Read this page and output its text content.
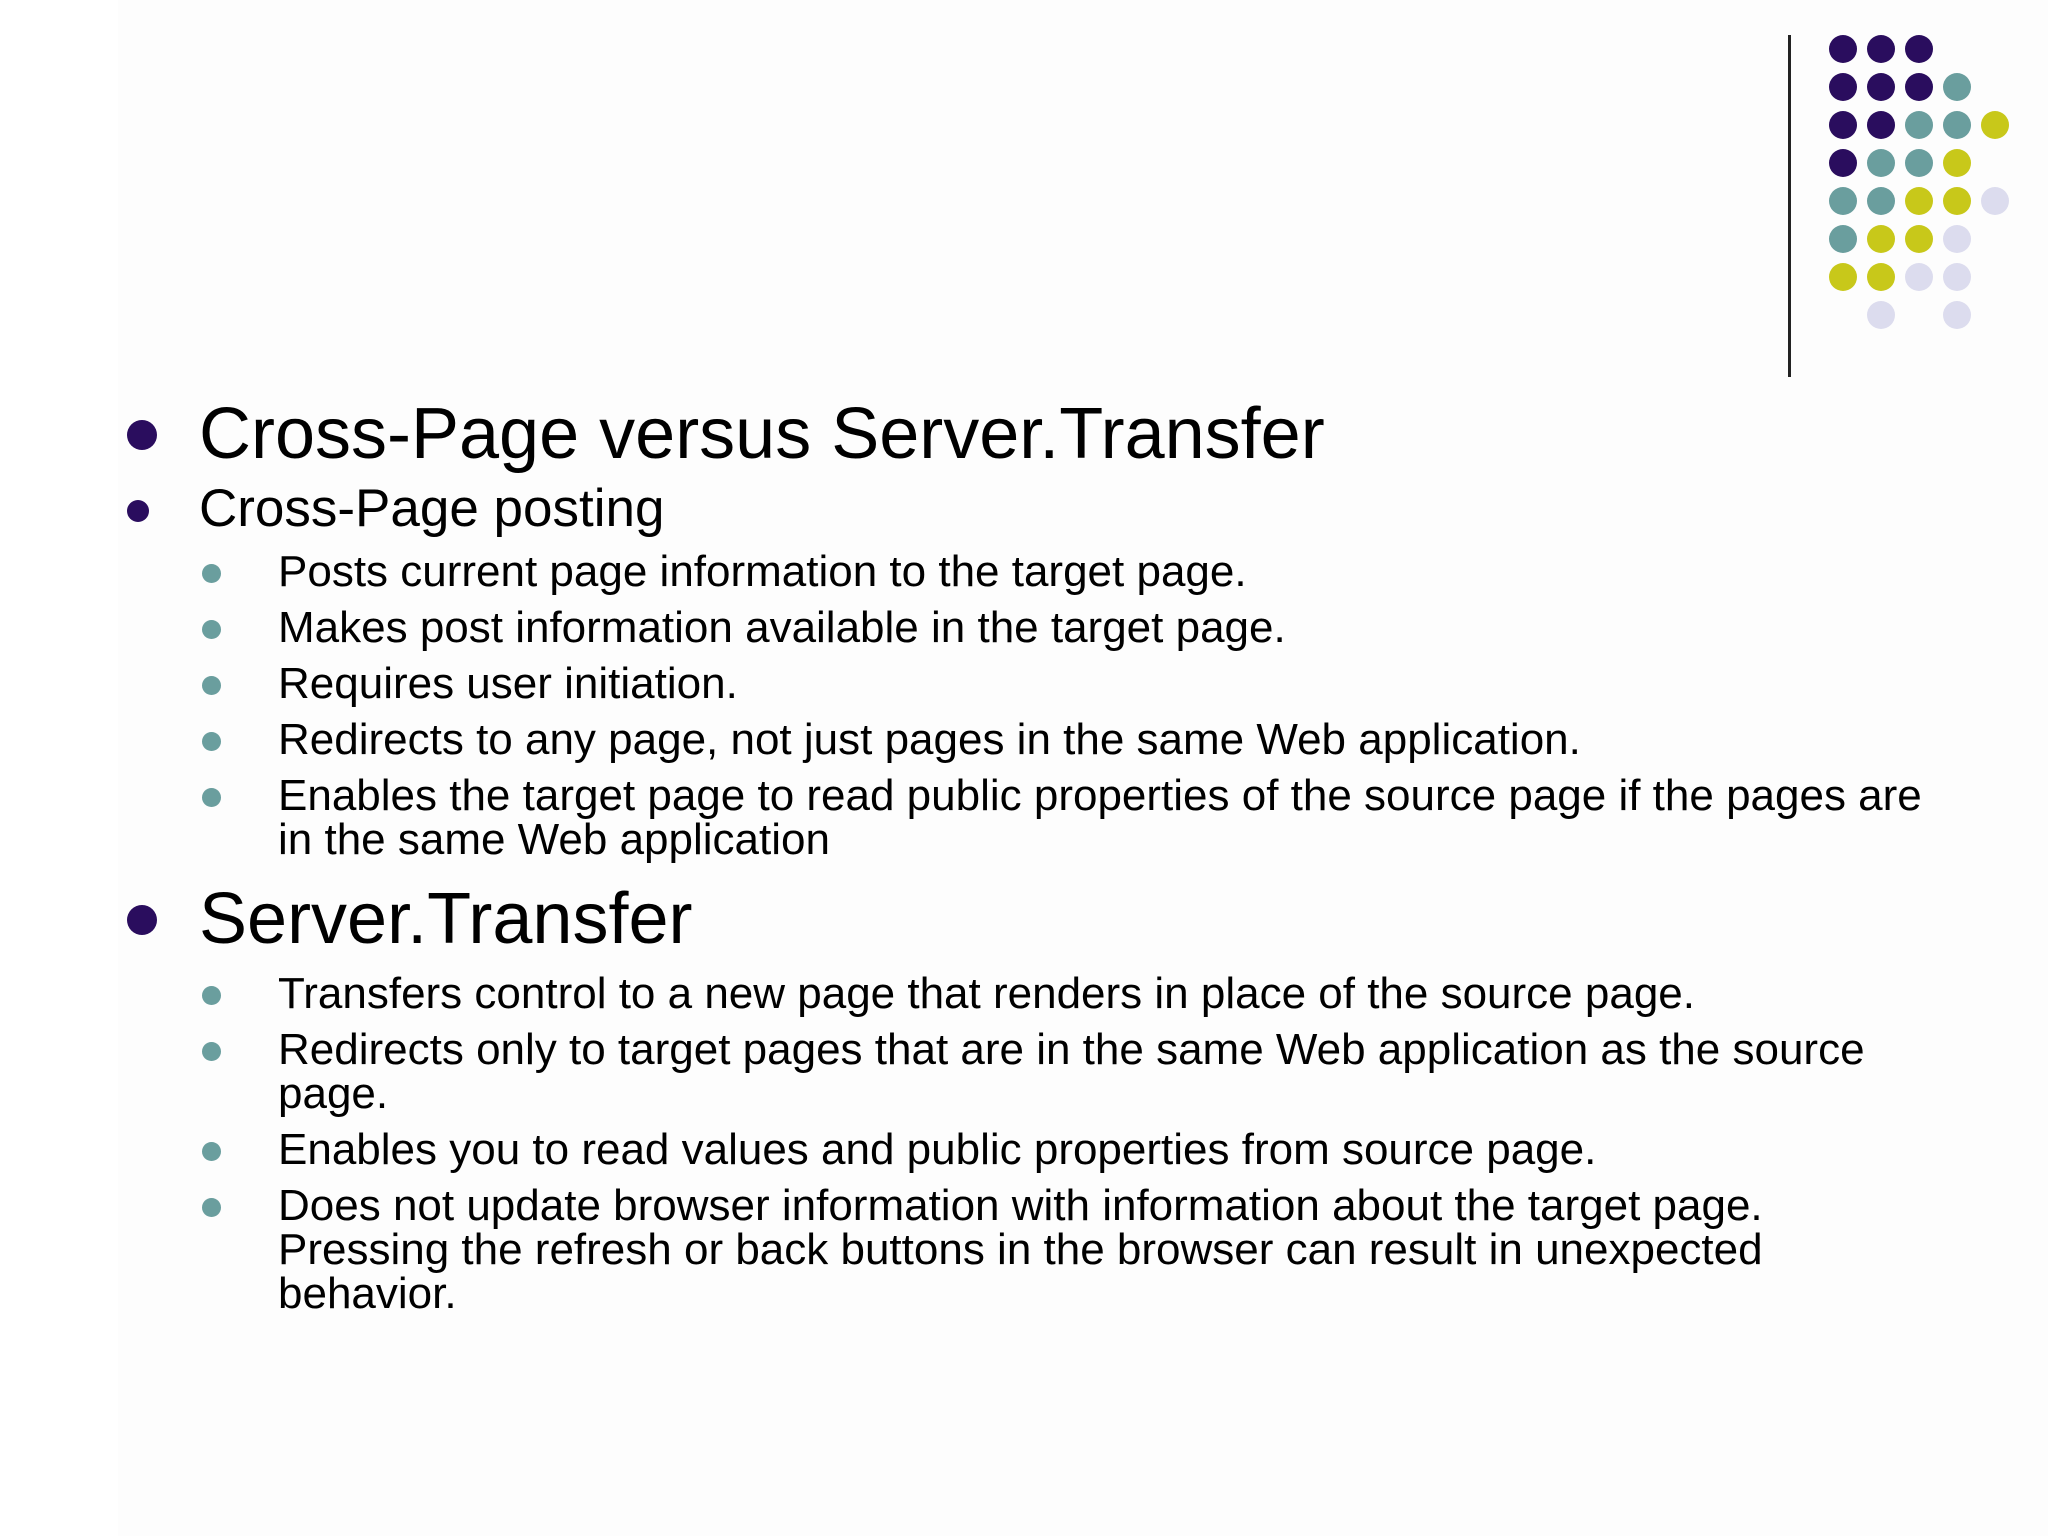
Cross-Page versus Server.Transfer
Cross-Page posting
Posts current page information to the target page.
Makes post information available in the target page.
Requires user initiation.
Redirects to any page, not just pages in the same Web application.
Enables the target page to read public properties of the source page if the pages are in the same Web application
Server.Transfer
Transfers control to a new page that renders in place of the source page.
Redirects only to target pages that are in the same Web application as the source page.
Enables you to read values and public properties from source page.
Does not update browser information with information about the target page. Pressing the refresh or back buttons in the browser can result in unexpected behavior.
